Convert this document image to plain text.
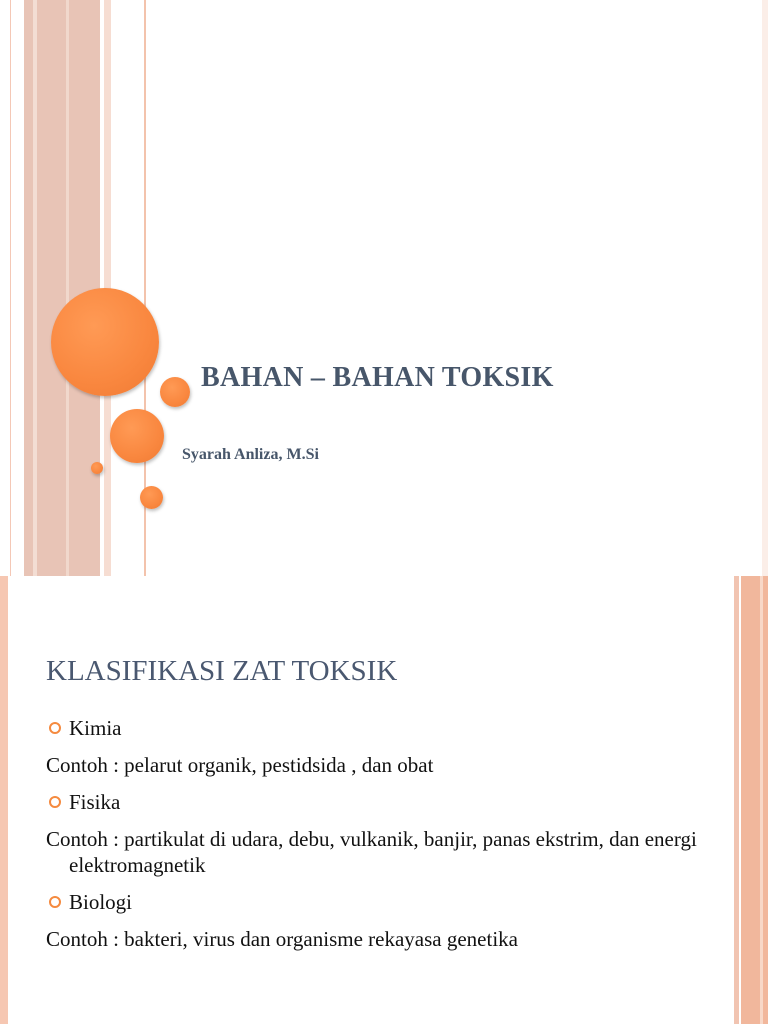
BAHAN – BAHAN TOKSIK
Syarah Anliza, M.Si
KLASIFIKASI ZAT TOKSIK
Kimia
Contoh : pelarut organik, pestidsida , dan obat
Fisika
Contoh : partikulat di udara, debu, vulkanik, banjir, panas ekstrim, dan energi elektromagnetik
Biologi
Contoh : bakteri, virus dan organisme rekayasa genetika
